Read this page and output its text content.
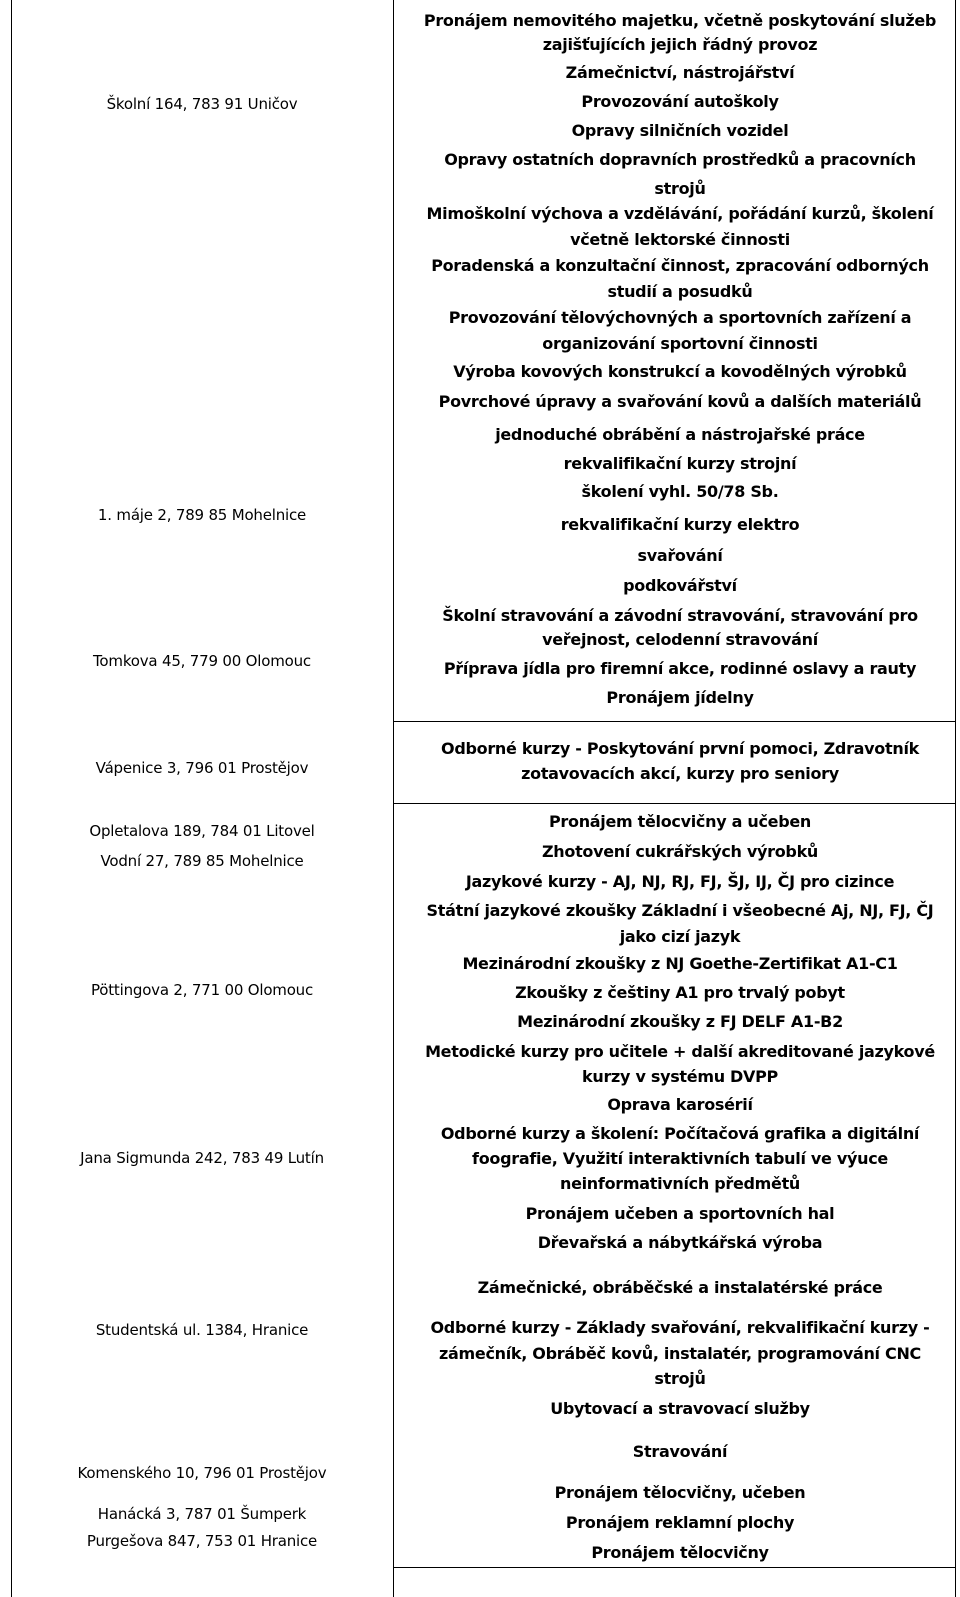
Školní 164, 783 91 Uničov
1. máje 2, 789 85 Mohelnice
Tomkova 45, 779 00 Olomouc
Vápenice 3, 796 01 Prostějov
Opletalova 189, 784 01 Litovel
Vodní 27, 789 85 Mohelnice
Pöttingova 2, 771 00 Olomouc
Jana Sigmunda 242, 783 49 Lutín
Studentská ul. 1384, Hranice
Komenského 10, 796 01 Prostějov
Hanácká 3, 787 01 Šumperk
Purgešova 847, 753 01 Hranice
Pronájem nemovitého majetku, včetně poskytování služeb
zajišťujících jejich řádný provoz
Zámečnictví, nástrojářství
Provozování autoškoly
Opravy silničních vozidel
Opravy ostatních dopravních prostředků a pracovních
strojů
Mimoškolní výchova a vzdělávání, pořádání kurzů, školení
včetně lektorské činnosti
Poradenská a konzultační činnost, zpracování odborných
studií a posudků
Provozování tělovýchovných a sportovních zařízení a
organizování sportovní činnosti
Výroba kovových konstrukcí a kovodělných výrobků
Povrchové úpravy a svařování kovů a dalších materiálů
jednoduché obrábění a nástrojařské práce
rekvalifikační kurzy strojní
školení vyhl. 50/78 Sb.
rekvalifikační kurzy elektro
svařování
podkovářství
Školní stravování a závodní stravování, stravování pro
veřejnost, celodenní stravování
Příprava jídla pro firemní akce, rodinné oslavy a rauty
Pronájem jídelny
Odborné kurzy - Poskytování první pomoci, Zdravotník
zotavovacích akcí, kurzy pro seniory
Pronájem tělocvičny a učeben
Zhotovení cukrářských výrobků
Jazykové kurzy - AJ, NJ, RJ, FJ, ŠJ, IJ, ČJ pro cizince
Státní jazykové zkoušky Základní i všeobecné Aj, NJ, FJ, ČJ
jako cizí jazyk
Mezinárodní zkoušky z NJ Goethe-Zertifikat A1-C1
Zkoušky z češtiny A1 pro trvalý pobyt
Mezinárodní zkoušky z FJ DELF A1-B2
Metodické kurzy pro učitele + další akreditované jazykové
kurzy v systému DVPP
Oprava karosérií
Odborné kurzy a školení: Počítačová grafika a digitální
foografie, Využití interaktivních tabulí ve výuce
neinformativních předmětů
Pronájem učeben a sportovních hal
Dřevařská a nábytkářská výroba
Zámečnické, obráběčské a instalatérské práce
Odborné kurzy - Základy svařování, rekvalifikační kurzy -
zámečník, Obráběč kovů, instalatér, programování CNC
strojů
Ubytovací a stravovací služby
Stravování
Pronájem tělocvičny, učeben
Pronájem reklamní plochy
Pronájem tělocvičny
